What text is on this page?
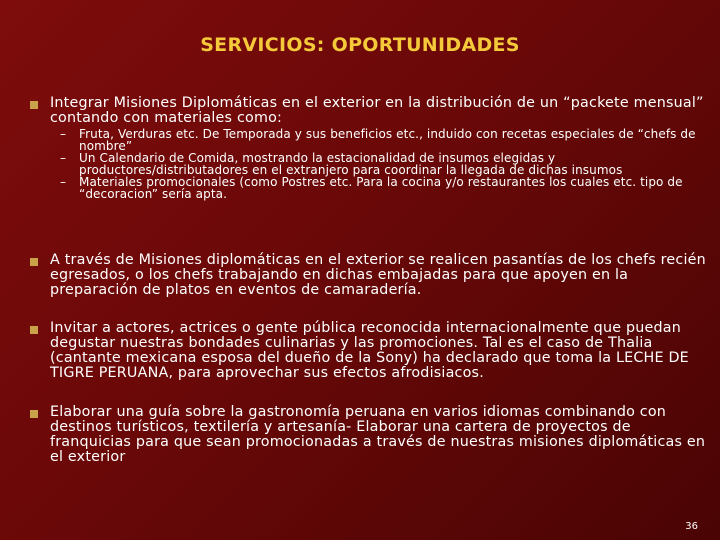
SERVICIOS: OPORTUNIDADES
Integrar Misiones Diplomáticas en el exterior en la distribución de un “packete mensual” contando con materiales como:
– Fruta, Verduras etc. De Temporada y sus beneficios etc., induido con recetas especiales de “chefs de nombre”
– Un Calendario de Comida, mostrando la estacionalidad de insumos elegidas y productores/distributadores en el extranjero para coordinar la llegada de dichas insumos
– Materiales promocionales (como Postres etc. Para la cocina y/o restaurantes los cuales etc. tipo de “decoracion” sería apta.
A través de Misiones diplomáticas en el exterior se realicen pasantías de los chefs recién egresados, o los chefs trabajando en dichas embajadas para que apoyen en la preparación de platos en eventos de camaradería.
Invitar a actores, actrices o gente pública reconocida internacionalmente que puedan degustar nuestras bondades culinarias y las promociones. Tal es el caso de Thalia (cantante mexicana esposa del dueño de la Sony) ha declarado que toma la LECHE DE TIGRE PERUANA, para aprovechar sus efectos afrodisiacos.
Elaborar una guía sobre la gastronomía peruana en varios idiomas combinando con destinos turísticos, textilería y artesanía- Elaborar una cartera de proyectos de franquicias para que sean promocionadas a través de nuestras misiones diplomáticas en el exterior
36
